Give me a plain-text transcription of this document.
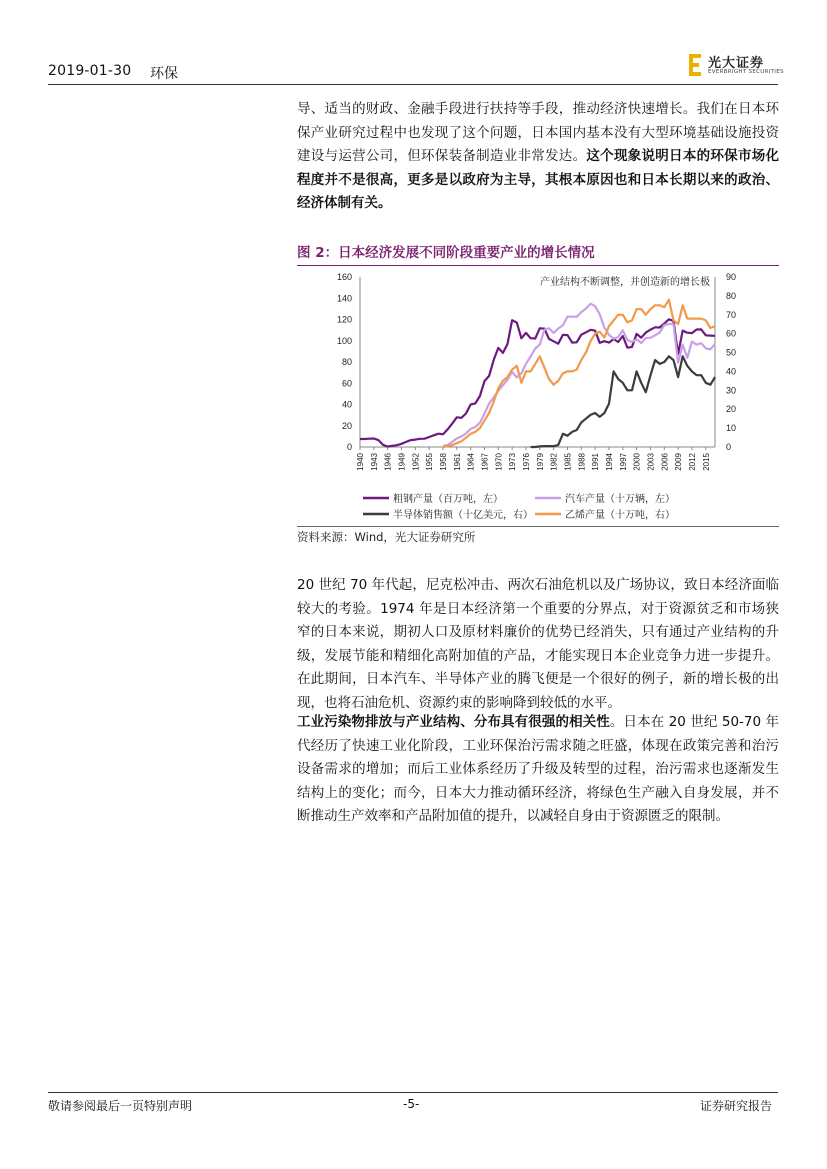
2019-01-30 环保
光大证券
EVERBRIGHT SECURITIES
导、适当的财政、金融手段进行扶持等手段，推动经济快速增长。我们在日本环保产业研究过程中也发现了这个问题，日本国内基本没有大型环境基础设施投资建设与运营公司，但环保装备制造业非常发达。这个现象说明日本的环保市场化程度并不是很高，更多是以政府为主导，其根本原因也和日本长期以来的政治、经济体制有关。
图 2：日本经济发展不同阶段重要产业的增长情况
0
20
40
60
80
100
120
140
160
0
10
20
30
40
50
60
70
80
90
1940 1943 1946 1949 1952 1955 1958 1961 1964 1967 1970 1973 1976 1979 1982 1985 1988 1991 1994 1997 2000 2003 2006 2009 2012 2015
产业结构不断调整，并创造新的增长极
粗钢产量（百万吨，左）	汽车产量（十万辆，左）
半导体销售额（十亿美元，右）	乙烯产量（十万吨，右）
资料来源：Wind，光大证券研究所
20 世纪 70 年代起，尼克松冲击、两次石油危机以及广场协议，致日本经济面临较大的考验。1974 年是日本经济第一个重要的分界点，对于资源贫乏和市场狭窄的日本来说，期初人口及原材料廉价的优势已经消失，只有通过产业结构的升级，发展节能和精细化高附加值的产品，才能实现日本企业竞争力进一步提升。在此期间，日本汽车、半导体产业的腾飞便是一个很好的例子，新的增长极的出现，也将石油危机、资源约束的影响降到较低的水平。
工业污染物排放与产业结构、分布具有很强的相关性。日本在 20 世纪 50-70 年代经历了快速工业化阶段，工业环保治污需求随之旺盛，体现在政策完善和治污设备需求的增加；而后工业体系经历了升级及转型的过程，治污需求也逐渐发生结构上的变化；而今，日本大力推动循环经济，将绿色生产融入自身发展，并不断推动生产效率和产品附加值的提升，以减轻自身由于资源匮乏的限制。
敬请参阅最后一页特别声明	-5-	证券研究报告
